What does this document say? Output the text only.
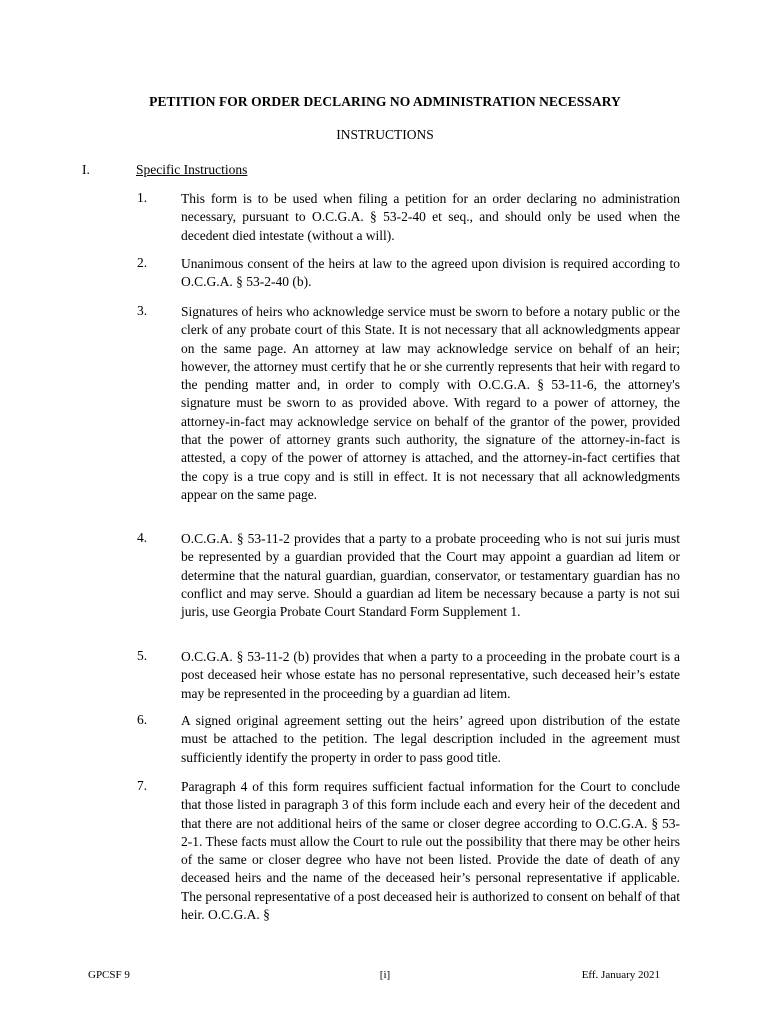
PETITION FOR ORDER DECLARING NO ADMINISTRATION NECESSARY
INSTRUCTIONS
I.	Specific Instructions
1.	This form is to be used when filing a petition for an order declaring no administration necessary, pursuant to O.C.G.A. § 53-2-40 et seq., and should only be used when the decedent died intestate (without a will).
2.	Unanimous consent of the heirs at law to the agreed upon division is required according to O.C.G.A. § 53-2-40 (b).
3.	Signatures of heirs who acknowledge service must be sworn to before a notary public or the clerk of any probate court of this State. It is not necessary that all acknowledgments appear on the same page. An attorney at law may acknowledge service on behalf of an heir; however, the attorney must certify that he or she currently represents that heir with regard to the pending matter and, in order to comply with O.C.G.A. § 53-11-6, the attorney's signature must be sworn to as provided above. With regard to a power of attorney, the attorney-in-fact may acknowledge service on behalf of the grantor of the power, provided that the power of attorney grants such authority, the signature of the attorney-in-fact is attested, a copy of the power of attorney is attached, and the attorney-in-fact certifies that the copy is a true copy and is still in effect. It is not necessary that all acknowledgments appear on the same page.
4.	O.C.G.A. § 53-11-2 provides that a party to a probate proceeding who is not sui juris must be represented by a guardian provided that the Court may appoint a guardian ad litem or determine that the natural guardian, guardian, conservator, or testamentary guardian has no conflict and may serve. Should a guardian ad litem be necessary because a party is not sui juris, use Georgia Probate Court Standard Form Supplement 1.
5.	O.C.G.A. § 53-11-2 (b) provides that when a party to a proceeding in the probate court is a post deceased heir whose estate has no personal representative, such deceased heir’s estate may be represented in the proceeding by a guardian ad litem.
6.	A signed original agreement setting out the heirs’ agreed upon distribution of the estate must be attached to the petition. The legal description included in the agreement must sufficiently identify the property in order to pass good title.
7.	Paragraph 4 of this form requires sufficient factual information for the Court to conclude that those listed in paragraph 3 of this form include each and every heir of the decedent and that there are not additional heirs of the same or closer degree according to O.C.G.A. § 53-2-1. These facts must allow the Court to rule out the possibility that there may be other heirs of the same or closer degree who have not been listed. Provide the date of death of any deceased heirs and the name of the deceased heir’s personal representative if applicable. The personal representative of a post deceased heir is authorized to consent on behalf of that heir. O.C.G.A. §
GPCSF 9	[i]	Eff. January 2021
